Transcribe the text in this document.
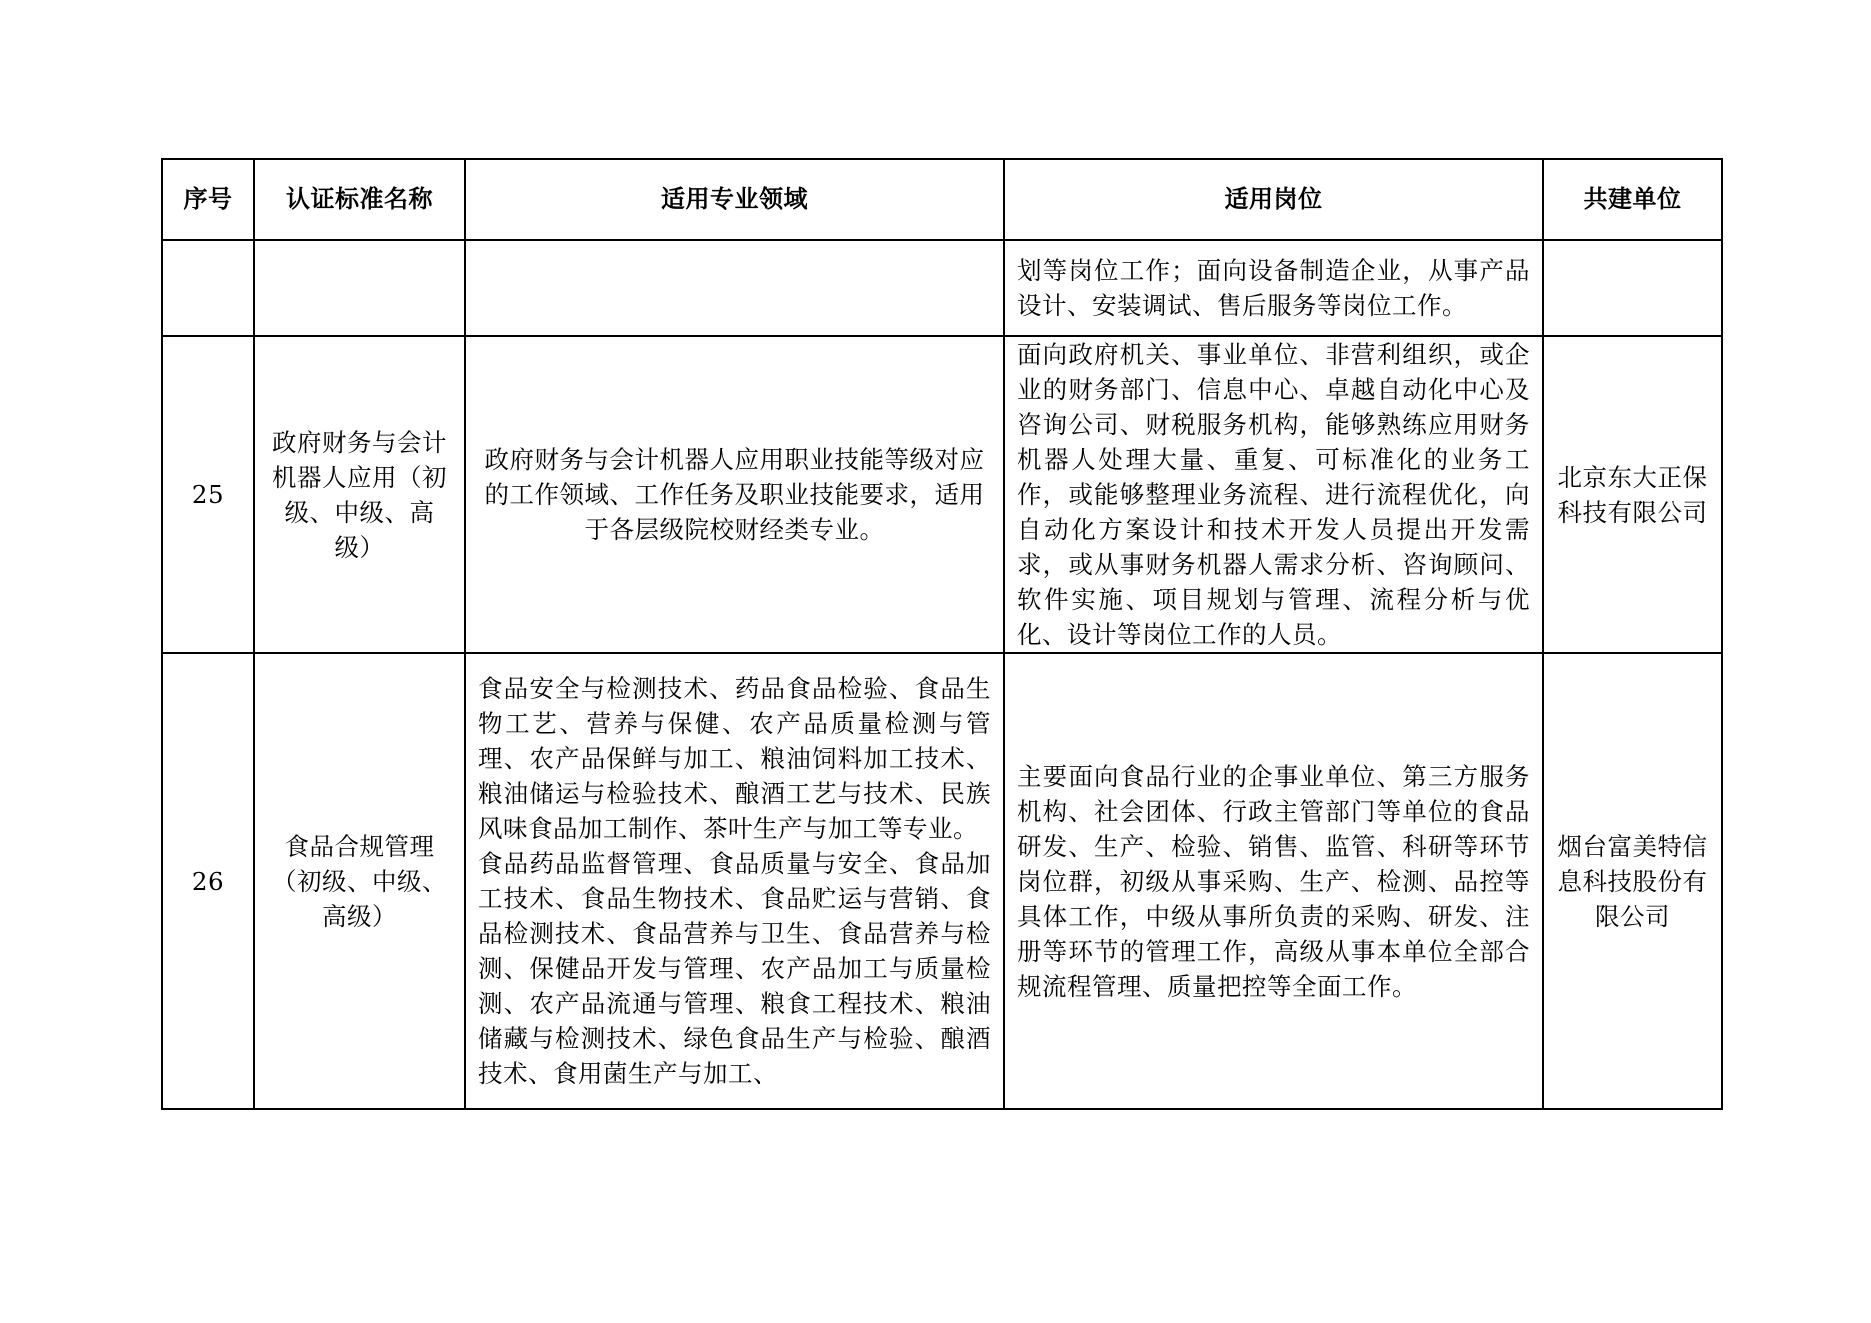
序号	认证标准名称	适用专业领域	适用岗位	共建单位
			划等岗位工作；面向设备制造企业，从事产品设计、安装调试、售后服务等岗位工作。	
25	政府财务与会计机器人应用（初级、中级、高级）	政府财务与会计机器人应用职业技能等级对应的工作领域、工作任务及职业技能要求，适用于各层级院校财经类专业。	面向政府机关、事业单位、非营利组织，或企业的财务部门、信息中心、卓越自动化中心及咨询公司、财税服务机构，能够熟练应用财务机器人处理大量、重复、可标准化的业务工作，或能够整理业务流程、进行流程优化，向自动化方案设计和技术开发人员提出开发需求，或从事财务机器人需求分析、咨询顾问、软件实施、项目规划与管理、流程分析与优化、设计等岗位工作的人员。	北京东大正保科技有限公司
26	食品合规管理（初级、中级、高级）	食品安全与检测技术、药品食品检验、食品生物工艺、营养与保健、农产品质量检测与管理、农产品保鲜与加工、粮油饲料加工技术、粮油储运与检验技术、酿酒工艺与技术、民族风味食品加工制作、茶叶生产与加工等专业。
食品药品监督管理、食品质量与安全、食品加工技术、食品生物技术、食品贮运与营销、食品检测技术、食品营养与卫生、食品营养与检测、保健品开发与管理、农产品加工与质量检测、农产品流通与管理、粮食工程技术、粮油储藏与检测技术、绿色食品生产与检验、酿酒技术、食用菌生产与加工、	主要面向食品行业的企事业单位、第三方服务机构、社会团体、行政主管部门等单位的食品研发、生产、检验、销售、监管、科研等环节岗位群，初级从事采购、生产、检测、品控等具体工作，中级从事所负责的采购、研发、注册等环节的管理工作，高级从事本单位全部合规流程管理、质量把控等全面工作。	烟台富美特信息科技股份有限公司
